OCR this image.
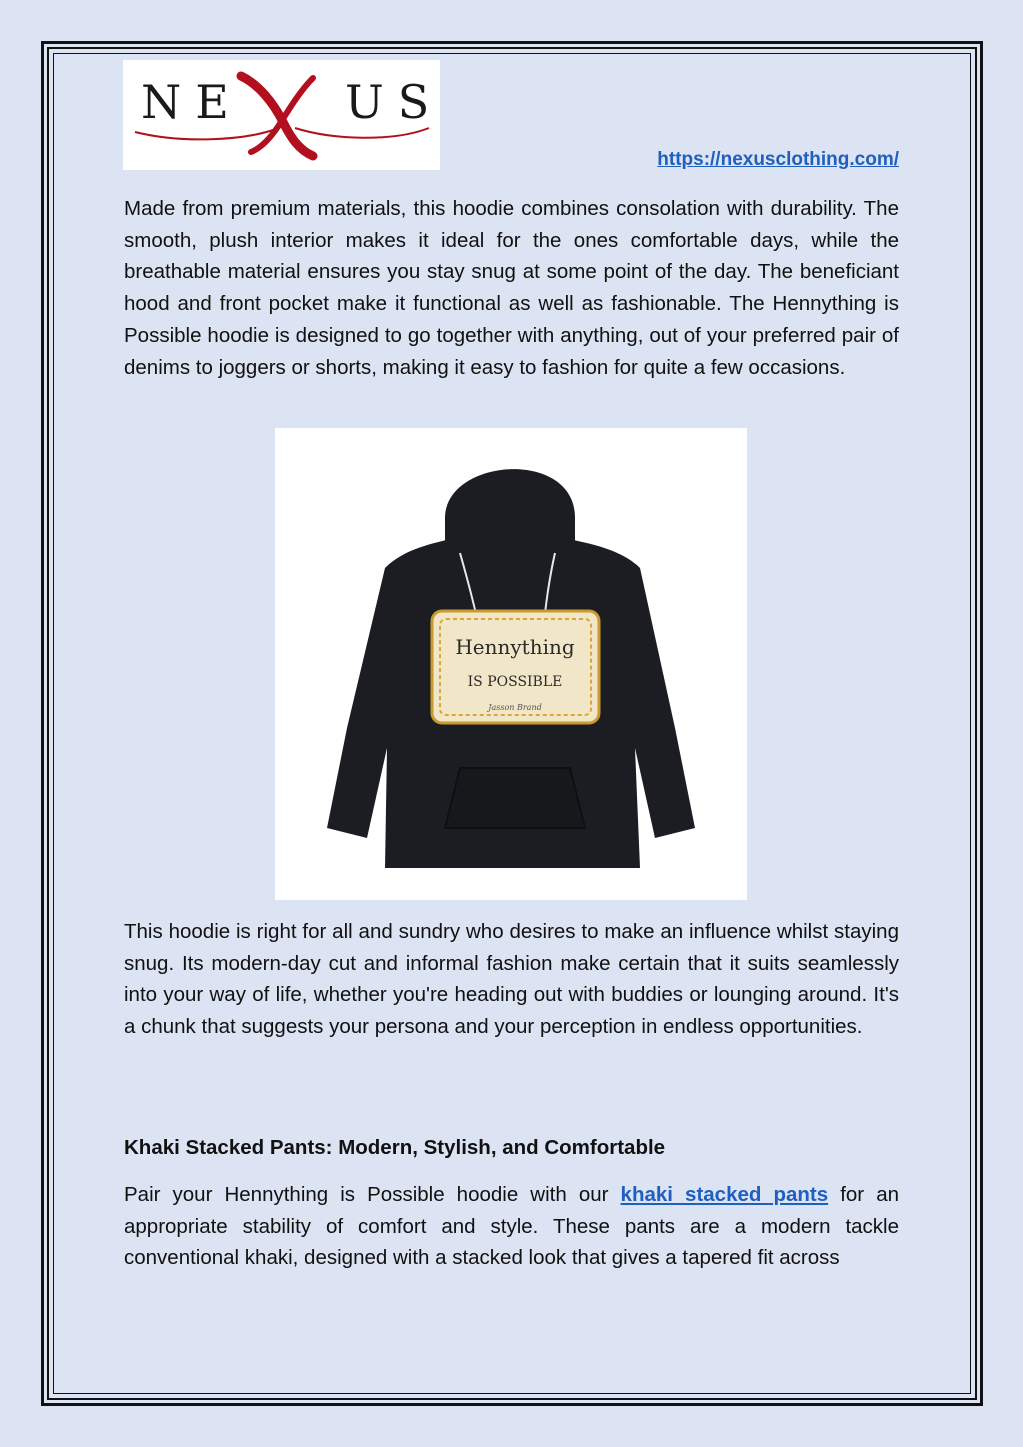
NE US
https://nexusclothing.com/

Made from premium materials, this hoodie combines consolation with durability. The smooth, plush interior makes it ideal for the ones comfortable days, while the breathable material ensures you stay snug at some point of the day. The beneficiant hood and front pocket make it functional as well as fashionable. The Hennything is Possible hoodie is designed to go together with anything, out of your preferred pair of denims to joggers or shorts, making it easy to fashion for quite a few occasions.

Hennything
IS POSSIBLE
Jasson Brand

This hoodie is right for all and sundry who desires to make an influence whilst staying snug. Its modern-day cut and informal fashion make certain that it suits seamlessly into your way of life, whether you're heading out with buddies or lounging around. It's a chunk that suggests your persona and your perception in endless opportunities.

Khaki Stacked Pants: Modern, Stylish, and Comfortable

Pair your Hennything is Possible hoodie with our khaki stacked pants for an appropriate stability of comfort and style. These pants are a modern tackle conventional khaki, designed with a stacked look that gives a tapered fit across
